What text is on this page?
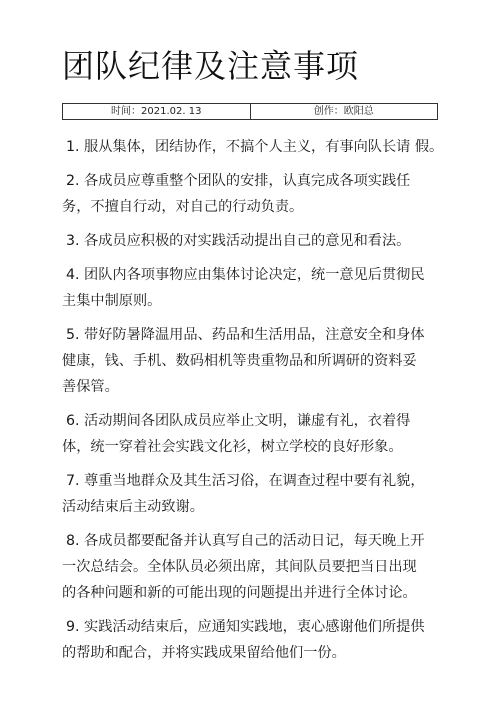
团队纪律及注意事项
时间：2021.02. 13	创作：欧阳总
1. 服从集体，团结协作，不搞个人主义，有事向队长请 假。
2. 各成员应尊重整个团队的安排，认真完成各项实践任
务，不擅自行动，对自己的行动负责。
3. 各成员应积极的对实践活动提出自己的意见和看法。
4. 团队内各项事物应由集体讨论决定，统一意见后贯彻民
主集中制原则。
5. 带好防暑降温用品、药品和生活用品，注意安全和身体
健康，钱、手机、数码相机等贵重物品和所调研的资料妥
善保管。
6. 活动期间各团队成员应举止文明，谦虚有礼，衣着得
体，统一穿着社会实践文化衫，树立学校的良好形象。
7. 尊重当地群众及其生活习俗，在调查过程中要有礼貌，
活动结束后主动致谢。
8. 各成员都要配备并认真写自己的活动日记，每天晚上开
一次总结会。全体队员必须出席，其间队员要把当日出现
的各种问题和新的可能出现的问题提出并进行全体讨论。
9. 实践活动结束后，应通知实践地，衷心感谢他们所提供
的帮助和配合，并将实践成果留给他们一份。
